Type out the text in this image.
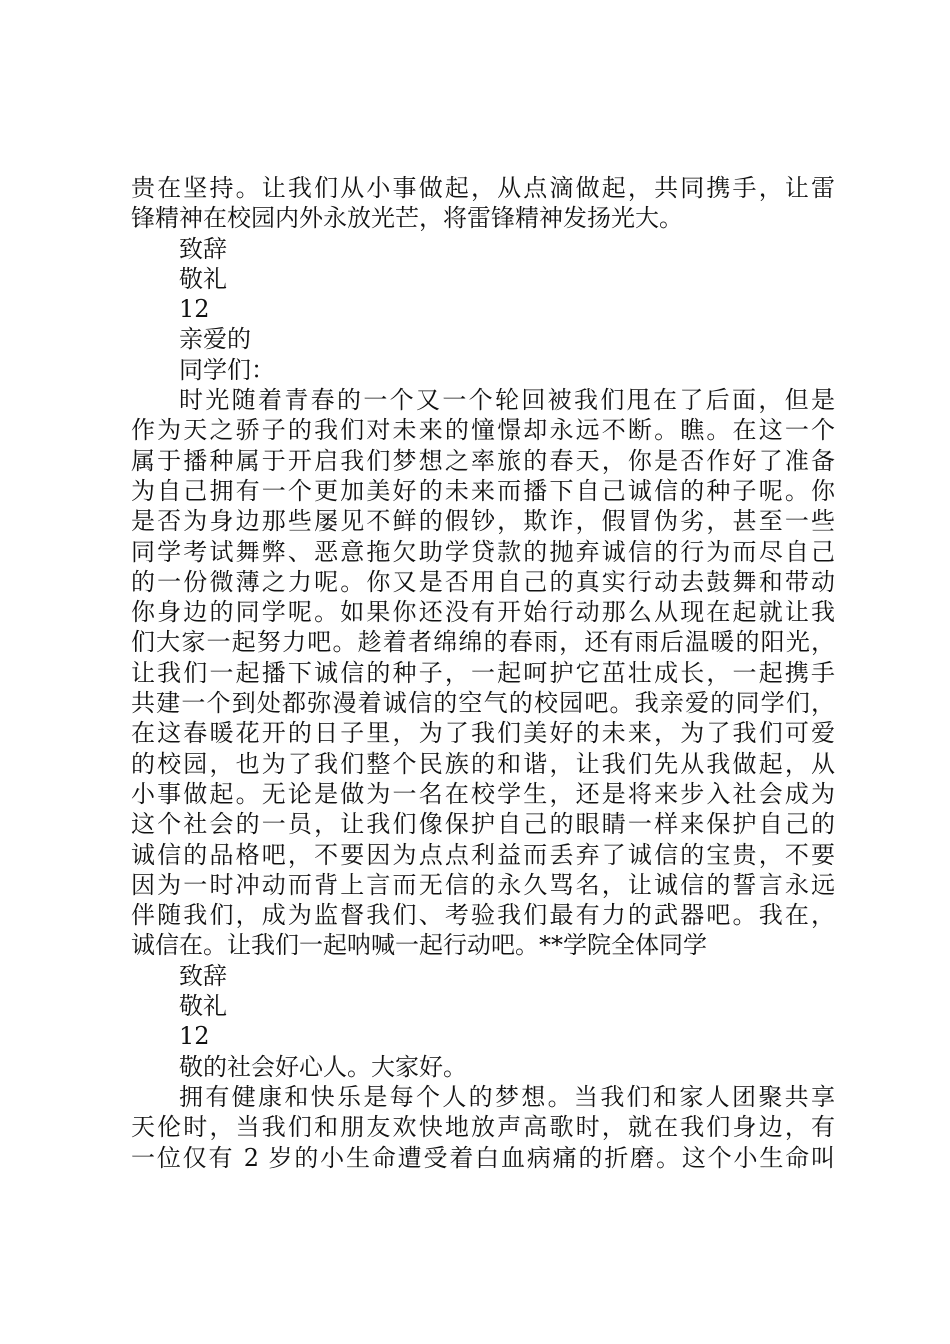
贵在坚持。让我们从小事做起，从点滴做起，共同携手，让雷
锋精神在校园内外永放光芒，将雷锋精神发扬光大。
致辞
敬礼
12
亲爱的
同学们：
时光随着青春的一个又一个轮回被我们甩在了后面，但是
作为天之骄子的我们对未来的憧憬却永远不断。瞧。在这一个
属于播种属于开启我们梦想之率旅的春天，你是否作好了准备
为自己拥有一个更加美好的未来而播下自己诚信的种子呢。你
是否为身边那些屡见不鲜的假钞，欺诈，假冒伪劣，甚至一些
同学考试舞弊、恶意拖欠助学贷款的抛弃诚信的行为而尽自己
的一份微薄之力呢。你又是否用自己的真实行动去鼓舞和带动
你身边的同学呢。如果你还没有开始行动那么从现在起就让我
们大家一起努力吧。趁着者绵绵的春雨，还有雨后温暖的阳光，
让我们一起播下诚信的种子，一起呵护它茁壮成长，一起携手
共建一个到处都弥漫着诚信的空气的校园吧。我亲爱的同学们，
在这春暖花开的日子里，为了我们美好的未来，为了我们可爱
的校园，也为了我们整个民族的和谐，让我们先从我做起，从
小事做起。无论是做为一名在校学生，还是将来步入社会成为
这个社会的一员，让我们像保护自己的眼睛一样来保护自己的
诚信的品格吧，不要因为点点利益而丢弃了诚信的宝贵，不要
因为一时冲动而背上言而无信的永久骂名，让诚信的誓言永远
伴随我们，成为监督我们、考验我们最有力的武器吧。我在，
诚信在。让我们一起呐喊一起行动吧。**学院全体同学
致辞
敬礼
12
敬的社会好心人。大家好。
拥有健康和快乐是每个人的梦想。当我们和家人团聚共享
天伦时，当我们和朋友欢快地放声高歌时，就在我们身边，有
一位仅有 2 岁的小生命遭受着白血病痛的折磨。这个小生命叫
